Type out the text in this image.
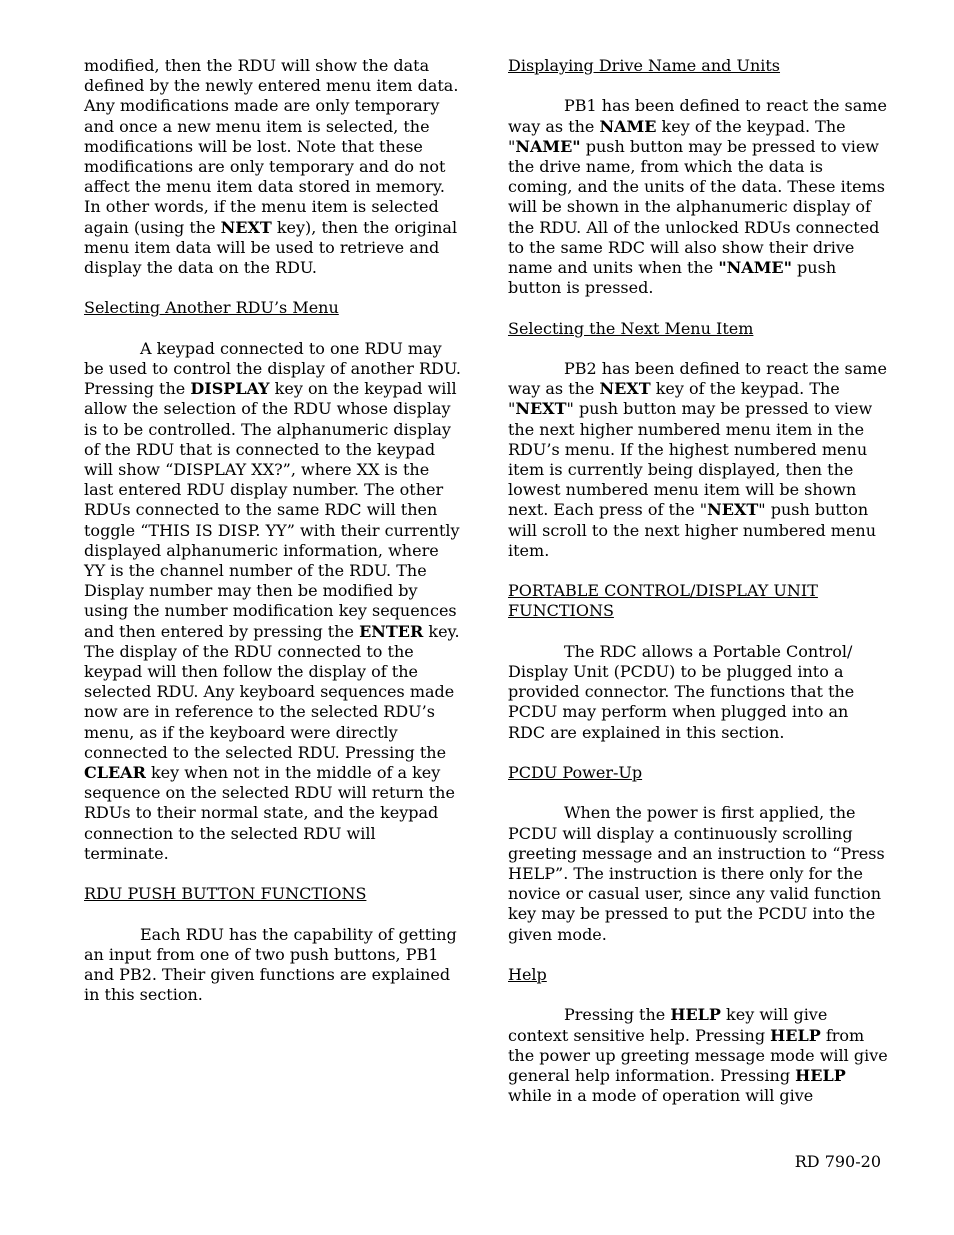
modified, then the RDU will show the data defined by the newly entered menu item data. Any modifications made are only temporary and once a new menu item is selected, the modifications will be lost. Note that these modifications are only temporary and do not affect the menu item data stored in memory. In other words, if the menu item is selected again (using the NEXT key), then the original menu item data will be used to retrieve and display the data on the RDU.

Selecting Another RDU’s Menu

A keypad connected to one RDU may be used to control the display of another RDU. Pressing the DISPLAY key on the keypad will allow the selection of the RDU whose display is to be controlled. The alphanumeric display of the RDU that is connected to the keypad will show “DISPLAY XX?”, where XX is the last entered RDU display number. The other RDUs connected to the same RDC will then toggle “THIS IS DISP. YY” with their currently displayed alphanumeric information, where YY is the channel number of the RDU. The Display number may then be modified by using the number modification key sequences and then entered by pressing the ENTER key. The display of the RDU connected to the keypad will then follow the display of the selected RDU. Any keyboard sequences made now are in reference to the selected RDU’s menu, as if the keyboard were directly connected to the selected RDU. Pressing the CLEAR key when not in the middle of a key sequence on the selected RDU will return the RDUs to their normal state, and the keypad connection to the selected RDU will terminate.

RDU PUSH BUTTON FUNCTIONS

Each RDU has the capability of getting an input from one of two push buttons, PB1 and PB2. Their given functions are explained in this section.

Displaying Drive Name and Units

PB1 has been defined to react the same way as the NAME key of the keypad. The "NAME" push button may be pressed to view the drive name, from which the data is coming, and the units of the data. These items will be shown in the alphanumeric display of the RDU. All of the unlocked RDUs connected to the same RDC will also show their drive name and units when the "NAME" push button is pressed.

Selecting the Next Menu Item

PB2 has been defined to react the same way as the NEXT key of the keypad. The "NEXT" push button may be pressed to view the next higher numbered menu item in the RDU’s menu. If the highest numbered menu item is currently being displayed, then the lowest numbered menu item will be shown next. Each press of the "NEXT" push button will scroll to the next higher numbered menu item.

PORTABLE CONTROL/DISPLAY UNIT FUNCTIONS

The RDC allows a Portable Control/ Display Unit (PCDU) to be plugged into a provided connector. The functions that the PCDU may perform when plugged into an RDC are explained in this section.

PCDU Power-Up

When the power is first applied, the PCDU will display a continuously scrolling greeting message and an instruction to “Press HELP”. The instruction is there only for the novice or casual user, since any valid function key may be pressed to put the PCDU into the given mode.

Help

Pressing the HELP key will give context sensitive help. Pressing HELP from the power up greeting message mode will give general help information. Pressing HELP while in a mode of operation will give

RD 790-20
